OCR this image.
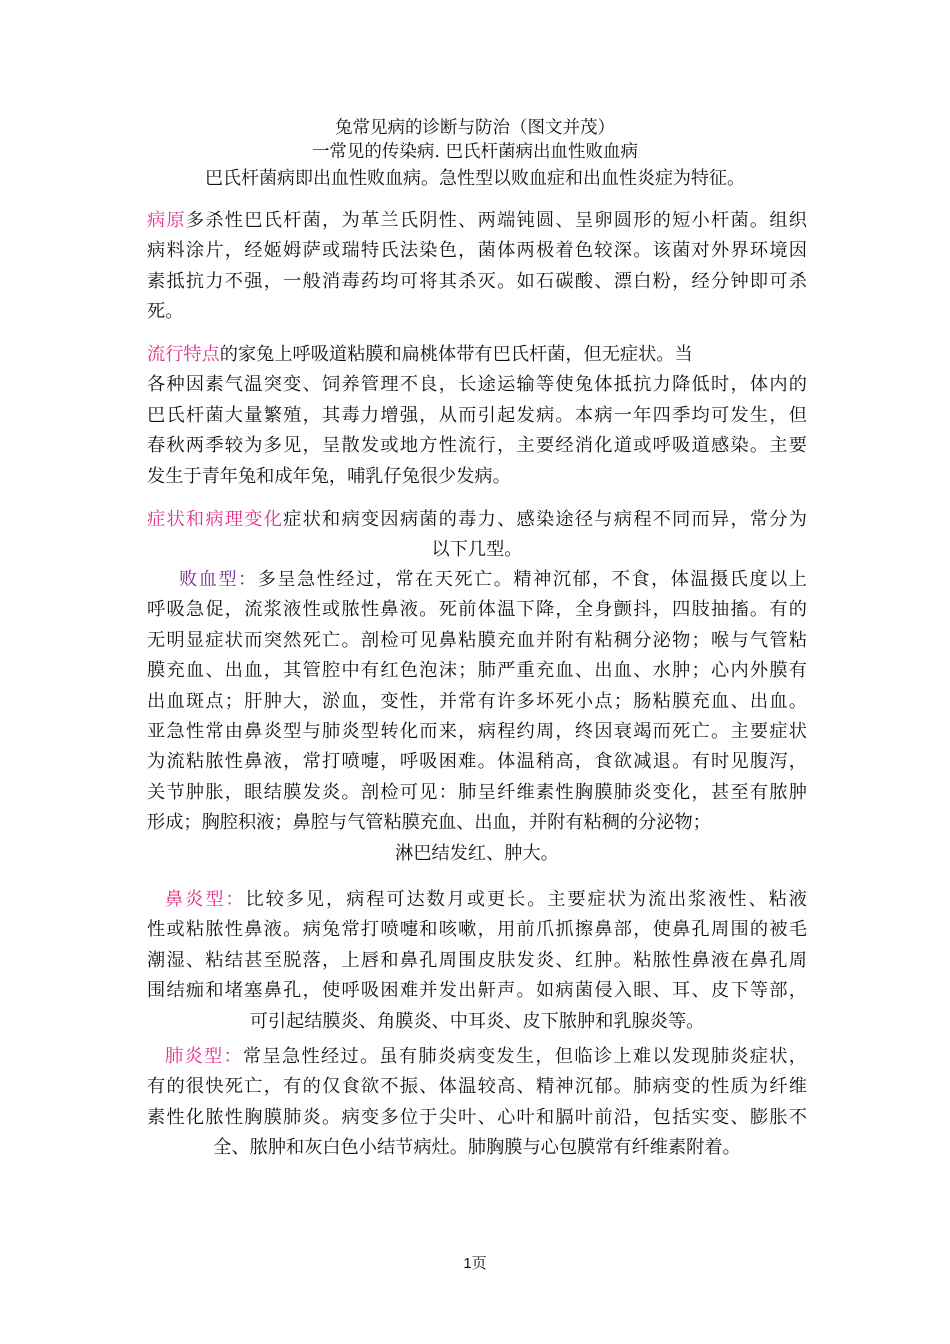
兔常见病的诊断与防治（图文并茂）
一常见的传染病. 巴氏杆菌病出血性败血病
巴氏杆菌病即出血性败血病。急性型以败血症和出血性炎症为特征。
病原多杀性巴氏杆菌，为革兰氏阴性、两端钝圆、呈卵圆形的短小杆菌。组织
病料涂片，经姬姆萨或瑞特氏法染色，菌体两极着色较深。该菌对外界环境因
素抵抗力不强，一般消毒药均可将其杀灭。如石碳酸、漂白粉，经分钟即可杀
死。
流行特点的家兔上呼吸道粘膜和扁桃体带有巴氏杆菌，但无症状。当
各种因素气温突变、饲养管理不良，长途运输等使兔体抵抗力降低时，体内的
巴氏杆菌大量繁殖，其毒力增强，从而引起发病。本病一年四季均可发生，但
春秋两季较为多见，呈散发或地方性流行，主要经消化道或呼吸道感染。主要
发生于青年兔和成年兔，哺乳仔兔很少发病。
症状和病理变化症状和病变因病菌的毒力、感染途径与病程不同而异，常分为
以下几型。
败血型：多呈急性经过，常在天死亡。精神沉郁，不食，体温摄氏度以上
呼吸急促，流浆液性或脓性鼻液。死前体温下降，全身颤抖，四肢抽搐。有的
无明显症状而突然死亡。剖检可见鼻粘膜充血并附有粘稠分泌物；喉与气管粘
膜充血、出血，其管腔中有红色泡沫；肺严重充血、出血、水肿；心内外膜有
出血斑点；肝肿大，淤血，变性，并常有许多坏死小点；肠粘膜充血、出血。
亚急性常由鼻炎型与肺炎型转化而来，病程约周，终因衰竭而死亡。主要症状
为流粘脓性鼻液，常打喷嚏，呼吸困难。体温稍高，食欲减退。有时见腹泻，
关节肿胀，眼结膜发炎。剖检可见：肺呈纤维素性胸膜肺炎变化，甚至有脓肿
形成；胸腔积液；鼻腔与气管粘膜充血、出血，并附有粘稠的分泌物；
淋巴结发红、肿大。
鼻炎型：比较多见，病程可达数月或更长。主要症状为流出浆液性、粘液
性或粘脓性鼻液。病兔常打喷嚏和咳嗽，用前爪抓擦鼻部，使鼻孔周围的被毛
潮湿、粘结甚至脱落，上唇和鼻孔周围皮肤发炎、红肿。粘脓性鼻液在鼻孔周
围结痂和堵塞鼻孔，使呼吸困难并发出鼾声。如病菌侵入眼、耳、皮下等部，
可引起结膜炎、角膜炎、中耳炎、皮下脓肿和乳腺炎等。
肺炎型：常呈急性经过。虽有肺炎病变发生，但临诊上难以发现肺炎症状，
有的很快死亡，有的仅食欲不振、体温较高、精神沉郁。肺病变的性质为纤维
素性化脓性胸膜肺炎。病变多位于尖叶、心叶和膈叶前沿，包括实变、膨胀不
全、脓肿和灰白色小结节病灶。肺胸膜与心包膜常有纤维素附着。
1页
